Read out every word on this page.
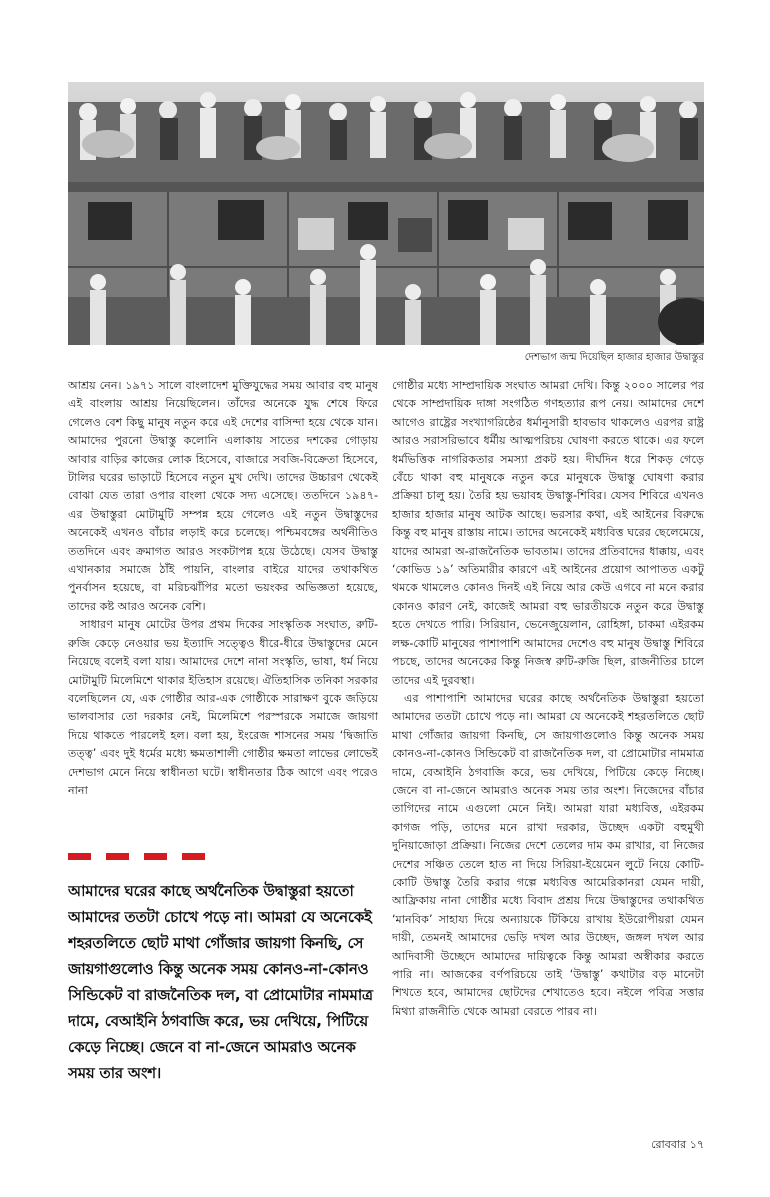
দেশভাগ জন্ম দিয়েছিল হাজার হাজার উদ্বাস্তুর

আশ্রয় নেন। ১৯৭১ সালে বাংলাদেশ মুক্তিযুদ্ধের সময় আবার বহু মানুষ এই বাংলায় আশ্রয় নিয়েছিলেন। তাঁদের অনেকে যুদ্ধ শেষে ফিরে গেলেও বেশ কিছু মানুষ নতুন করে এই দেশের বাসিন্দা হয়ে থেকে যান। আমাদের পুরনো উদ্বাস্তু কলোনি এলাকায় সাতের দশকের গোড়ায় আবার বাড়ির কাজের লোক হিসেবে, বাজারে সবজি-বিক্রেতা হিসেবে, টালির ঘরের ভাড়াটে হিসেবে নতুন মুখ দেখি। তাদের উচ্চারণ থেকেই বোঝা যেত তারা ওপার বাংলা থেকে সদ্য এসেছে। ততদিনে ১৯৪৭-এর উদ্বাস্তুরা মোটামুটি সম্পন্ন হয়ে গেলেও এই নতুন উদ্বাস্তুদের অনেকেই এখনও বাঁচার লড়াই করে চলেছে। পশ্চিমবঙ্গের অর্থনীতিও ততদিনে এবং ক্রমাগত আরও সংকটাপন্ন হয়ে উঠেছে। যেসব উদ্বাস্তু এখানকার সমাজে ঠাঁই পায়নি, বাংলার বাইরে যাদের তথাকথিত পুনর্বাসন হয়েছে, বা মরিচঝাঁপির মতো ভয়ংকর অভিজ্ঞতা হয়েছে, তাদের কষ্ট আরও অনেক বেশি।

সাধারণ মানুষ মোটের উপর প্রথম দিকের সাংস্কৃতিক সংঘাত, রুটি-রুজি কেড়ে নেওয়ার ভয় ইত্যাদি সত্ত্বেও ধীরে-ধীরে উদ্বাস্তুদের মেনে নিয়েছে বলেই বলা যায়। আমাদের দেশে নানা সংস্কৃতি, ভাষা, ধর্ম নিয়ে মোটামুটি মিলেমিশে থাকার ইতিহাস রয়েছে। ঐতিহাসিক তনিকা সরকার বলেছিলেন যে, এক গোষ্ঠীর আর-এক গোষ্ঠীকে সারাক্ষণ বুকে জড়িয়ে ভালবাসার তো দরকার নেই, মিলেমিশে পরস্পরকে সমাজে জায়গা দিয়ে থাকতে পারলেই হল। বলা হয়, ইংরেজ শাসনের সময় ‘দ্বিজাতি তত্ত্ব’ এবং দুই ধর্মের মধ্যে ক্ষমতাশালী গোষ্ঠীর ক্ষমতা লাভের লোভেই দেশভাগ মেনে নিয়ে স্বাধীনতা ঘটে। স্বাধীনতার ঠিক আগে এবং পরেও নানা

আমাদের ঘরের কাছে অর্থনৈতিক উদ্বাস্তুরা হয়তো আমাদের ততটা চোখে পড়ে না। আমরা যে অনেকেই শহরতলিতে ছোট মাথা গোঁজার জায়গা কিনছি, সে জায়গাগুলোও কিন্তু অনেক সময় কোনও-না-কোনও সিন্ডিকেট বা রাজনৈতিক দল, বা প্রোমোটার নামমাত্র দামে, বেআইনি ঠগবাজি করে, ভয় দেখিয়ে, পিটিয়ে কেড়ে নিচ্ছে। জেনে বা না-জেনে আমরাও অনেক সময় তার অংশ।

গোষ্ঠীর মধ্যে সাম্প্রদায়িক সংঘাত আমরা দেখি। কিন্তু ২০০০ সালের পর থেকে সাম্প্রদায়িক দাঙ্গা সংগঠিত গণহত্যার রূপ নেয়। আমাদের দেশে আগেও রাষ্ট্রের সংখ্যাগরিষ্ঠের ধর্মানুসারী হাবভাব থাকলেও এরপর রাষ্ট্র আরও সরাসরিভাবে ধর্মীয় আত্মপরিচয় ঘোষণা করতে থাকে। এর ফলে ধর্মভিত্তিক নাগরিকতার সমস্যা প্রকট হয়। দীর্ঘদিন ধরে শিকড় গেড়ে বেঁচে থাকা বহু মানুষকে নতুন করে মানুষকে উদ্বাস্তু ঘোষণা করার প্রক্রিয়া চালু হয়। তৈরি হয় ভয়াবহ উদ্বাস্তু-শিবির। যেসব শিবিরে এখনও হাজার হাজার মানুষ আটক আছে। ভরসার কথা, এই আইনের বিরুদ্ধে কিন্তু বহু মানুষ রাস্তায় নামে। তাদের অনেকেই মধ্যবিত্ত ঘরের ছেলেমেয়ে, যাদের আমরা অ-রাজনৈতিক ভাবতাম। তাদের প্রতিবাদের ধাক্কায়, এবং ‘কোভিড ১৯’ অতিমারীর কারণে এই আইনের প্রয়োগ আপাতত একটু থমকে থামলেও কোনও দিনই এই নিয়ে আর কেউ এগবে না মনে করার কোনও কারণ নেই, কাজেই আমরা বহু ভারতীয়কে নতুন করে উদ্বাস্তু হতে দেখতে পারি। সিরিয়ান, ভেনেজুয়েলান, রোহিঙ্গা, চাকমা এইরকম লক্ষ-কোটি মানুষের পাশাপাশি আমাদের দেশেও বহু মানুষ উদ্বাস্তু শিবিরে পচছে, তাদের অনেকের কিন্তু নিজস্ব রুটি-রুজি ছিল, রাজনীতির চালে তাদের এই দুরবস্থা।

এর পাশাপাশি আমাদের ঘরের কাছে অর্থনৈতিক উদ্বাস্তুরা হয়তো আমাদের ততটা চোখে পড়ে না। আমরা যে অনেকেই শহরতলিতে ছোট মাথা গোঁজার জায়গা কিনছি, সে জায়গাগুলোও কিন্তু অনেক সময় কোনও-না-কোনও সিন্ডিকেট বা রাজনৈতিক দল, বা প্রোমোটার নামমাত্র দামে, বেআইনি ঠগবাজি করে, ভয় দেখিয়ে, পিটিয়ে কেড়ে নিচ্ছে। জেনে বা না-জেনে আমরাও অনেক সময় তার অংশ। নিজেদের বাঁচার তাগিদের নামে এগুলো মেনে নিই। আমরা যারা মধ্যবিত্ত, এইরকম কাগজ পড়ি, তাদের মনে রাখা দরকার, উচ্ছেদ একটা বহুমুখী দুনিয়াজোড়া প্রক্রিয়া। নিজের দেশে তেলের দাম কম রাখার, বা নিজের দেশের সঞ্চিত তেলে হাত না দিয়ে সিরিয়া-ইয়েমেন লুটে নিয়ে কোটি-কোটি উদ্বাস্তু তৈরি করার গল্পে মধ্যবিত্ত আমেরিকানরা যেমন দায়ী, আফ্রিকায় নানা গোষ্ঠীর মধ্যে বিবাদ প্রশ্রয় দিয়ে উদ্বাস্তুদের তথাকথিত ‘মানবিক’ সাহায্য দিয়ে অন্যায়কে টিকিয়ে রাখায় ইউরোপীয়রা যেমন দায়ী, তেমনই আমাদের ভেড়ি দখল আর উচ্ছেদ, জঙ্গল দখল আর আদিবাসী উচ্ছেদে আমাদের দায়িত্বকে কিন্তু আমরা অস্বীকার করতে পারি না। আজকের বর্ণপরিচয়ে তাই ‘উদ্বাস্তু’ কথাটার বড় মানেটা শিখতে হবে, আমাদের ছোটদের শেখাতেও হবে। নইলে পবিত্র সত্তার মিথ্যা রাজনীতি থেকে আমরা বেরতে পারব না।

রোববার ১৭
